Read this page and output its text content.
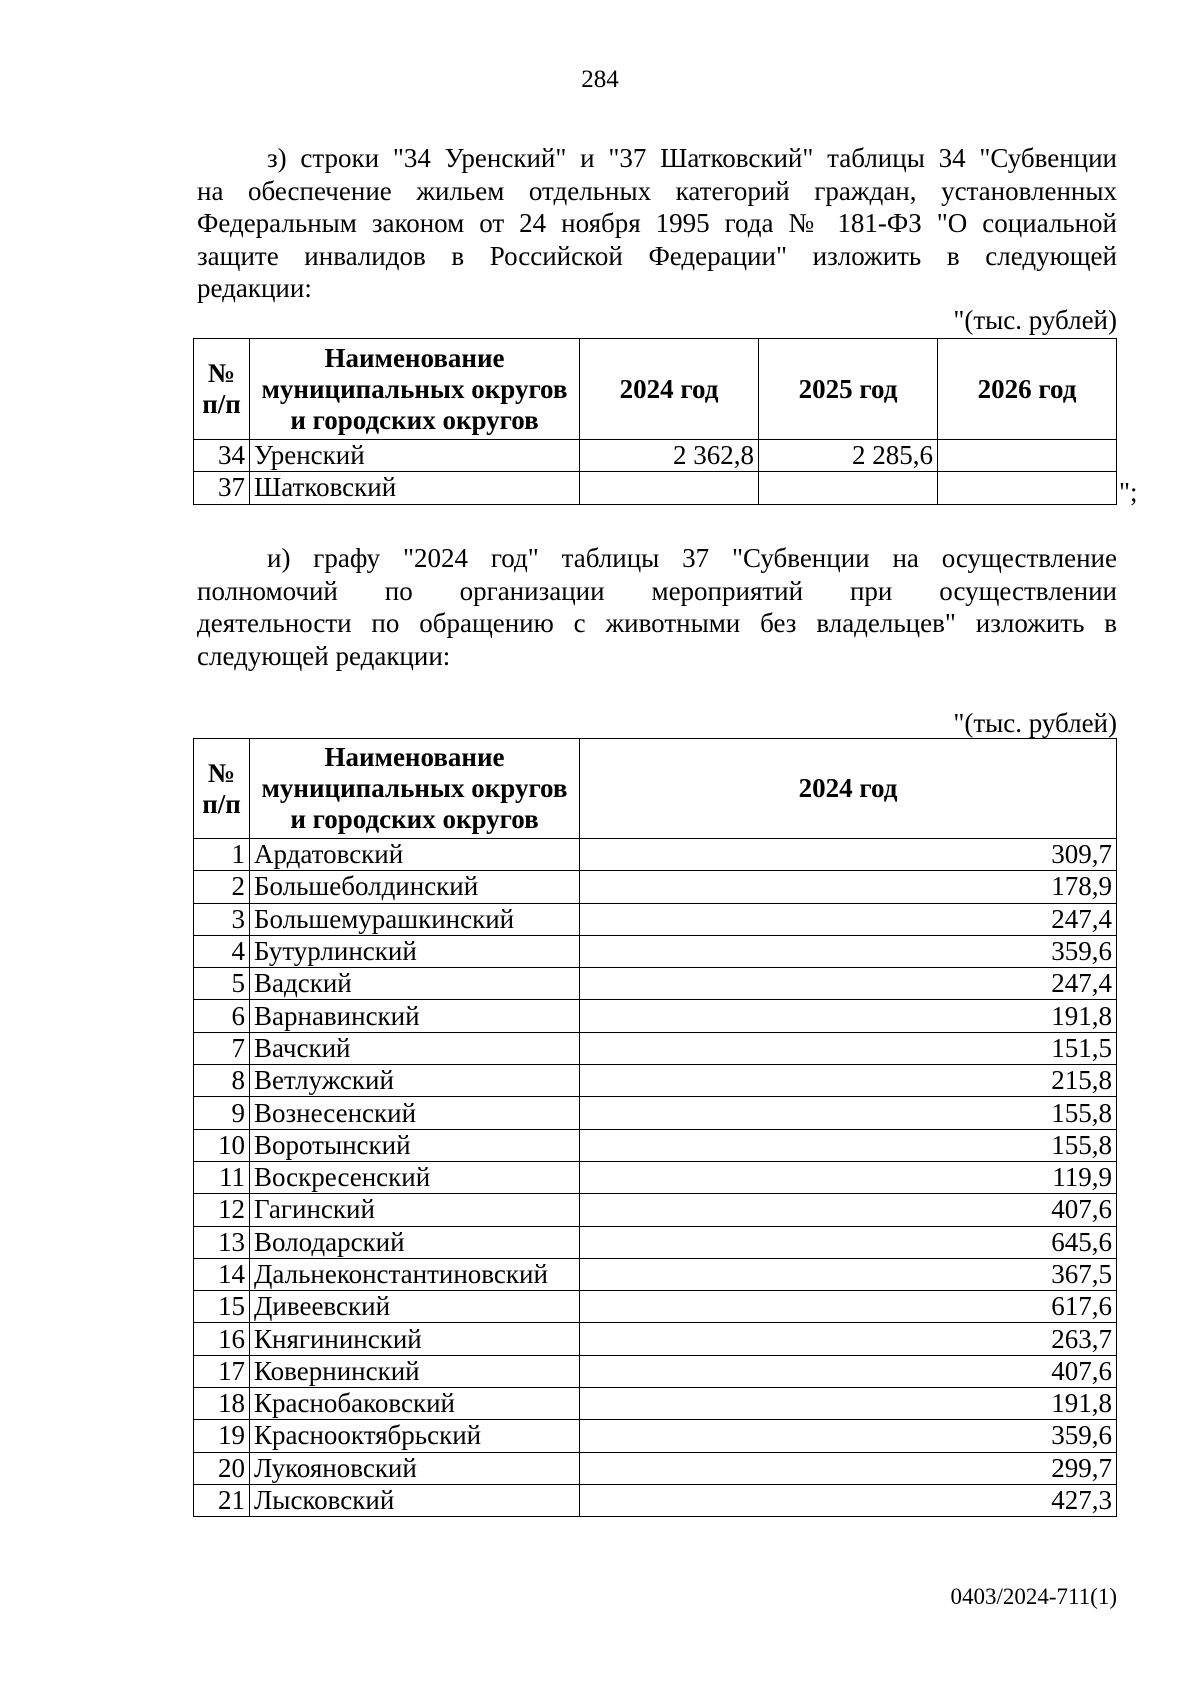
284
з) строки "34 Уренский" и "37 Шатковский" таблицы 34 "Субвенции
на обеспечение жильем отдельных категорий граждан, установленных
Федеральным законом от 24 ноября 1995 года № 181-ФЗ "О социальной
защите инвалидов в Российской Федерации" изложить в следующей
редакции:
"(тыс. рублей)
№ п/п	Наименование муниципальных округов и городских округов	2024 год	2025 год	2026 год
34	Уренский	2 362,8	2 285,6	
37	Шатковский				";
и) графу "2024 год" таблицы 37 "Субвенции на осуществление
полномочий по организации мероприятий при осуществлении
деятельности по обращению с животными без владельцев" изложить в
следующей редакции:
"(тыс. рублей)
№ п/п	Наименование муниципальных округов и городских округов	2024 год
1	Ардатовский	309,7
2	Большеболдинский	178,9
3	Большемурашкинский	247,4
4	Бутурлинский	359,6
5	Вадский	247,4
6	Варнавинский	191,8
7	Вачский	151,5
8	Ветлужский	215,8
9	Вознесенский	155,8
10	Воротынский	155,8
11	Воскресенский	119,9
12	Гагинский	407,6
13	Володарский	645,6
14	Дальнеконстантиновский	367,5
15	Дивеевский	617,6
16	Княгининский	263,7
17	Ковернинский	407,6
18	Краснобаковский	191,8
19	Краснооктябрьский	359,6
20	Лукояновский	299,7
21	Лысковский	427,3
0403/2024-711(1)
